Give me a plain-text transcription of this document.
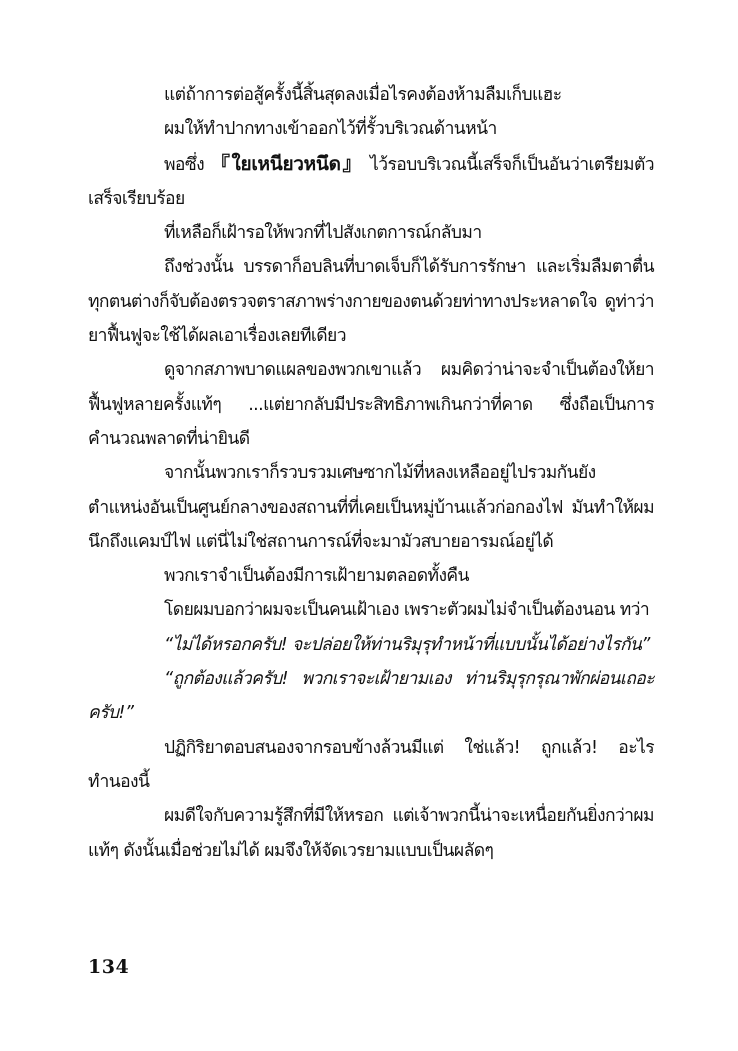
แต่ถ้าการต่อสู้ครั้งนี้สิ้นสุดลงเมื่อไรคงต้องห้ามลืมเก็บแฮะ

ผมให้ทำปากทางเข้าออกไว้ที่รั้วบริเวณด้านหน้า

พอซึ่ง 『ใยเหนียวหนึด』 ไว้รอบบริเวณนี้เสร็จก็เป็นอันว่าเตรียมตัวเสร็จเรียบร้อย

ที่เหลือก็เฝ้ารอให้พวกที่ไปสังเกตการณ์กลับมา

ถึงช่วงนั้น บรรดาก็อบลินที่บาดเจ็บก็ได้รับการรักษา และเริ่มลืมตาตื่น ทุกตนต่างก็จับต้องตรวจตราสภาพร่างกายของตนด้วยท่าทางประหลาดใจ ดูท่าว่ายาฟื้นฟูจะใช้ได้ผลเอาเรื่องเลยทีเดียว

ดูจากสภาพบาดแผลของพวกเขาแล้ว ผมคิดว่าน่าจะจำเป็นต้องให้ยาฟื้นฟูหลายครั้งแท้ๆ ...แต่ยากลับมีประสิทธิภาพเกินกว่าที่คาด ซึ่งถือเป็นการคำนวณพลาดที่น่ายินดี

จากนั้นพวกเราก็รวบรวมเศษซากไม้ที่หลงเหลืออยู่ไปรวมกันยังตำแหน่งอันเป็นศูนย์กลางของสถานที่ที่เคยเป็นหมู่บ้านแล้วก่อกองไฟ มันทำให้ผมนึกถึงแคมป์ไฟ แต่นี่ไม่ใช่สถานการณ์ที่จะมามัวสบายอารมณ์อยู่ได้

พวกเราจำเป็นต้องมีการเฝ้ายามตลอดทั้งคืน

โดยผมบอกว่าผมจะเป็นคนเฝ้าเอง เพราะตัวผมไม่จำเป็นต้องนอน ทว่า

“ไม่ได้หรอกครับ! จะปล่อยให้ท่านริมุรุทำหน้าที่แบบนั้นได้อย่างไรกัน”

“ถูกต้องแล้วครับ! พวกเราจะเฝ้ายามเอง ท่านริมุรุกรุณาพักผ่อนเถอะครับ!”

ปฏิกิริยาตอบสนองจากรอบข้างล้วนมีแต่ ใช่แล้ว! ถูกแล้ว! อะไรทำนองนี้

ผมดีใจกับความรู้สึกที่มีให้หรอก แต่เจ้าพวกนี้น่าจะเหนื่อยกันยิ่งกว่าผมแท้ๆ ดังนั้นเมื่อช่วยไม่ได้ ผมจึงให้จัดเวรยามแบบเป็นผลัดๆ

134
